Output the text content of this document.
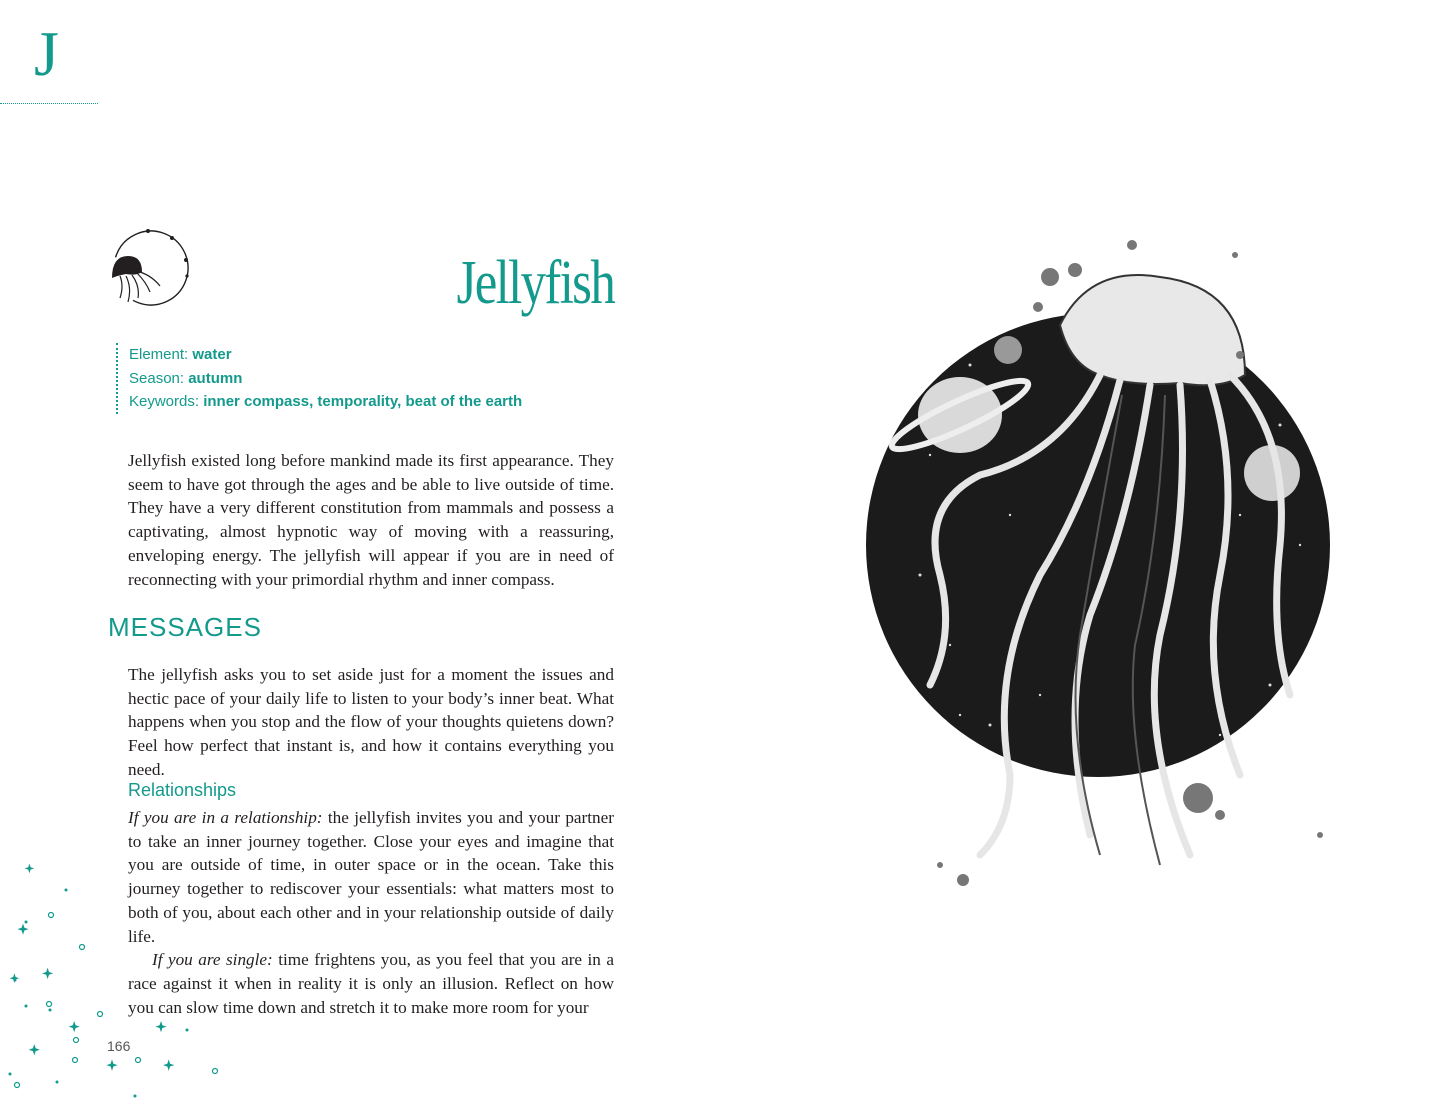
J
Jellyfish
Element: water
Season: autumn
Keywords: inner compass, temporality, beat of the earth

Jellyfish existed long before mankind made its first appearance. They seem to have got through the ages and be able to live outside of time. They have a very different constitution from mammals and possess a captivating, almost hypnotic way of moving with a reassuring, enveloping energy. The jellyfish will appear if you are in need of reconnecting with your primordial rhythm and inner compass.

MESSAGES

The jellyfish asks you to set aside just for a moment the issues and hectic pace of your daily life to listen to your body’s inner beat. What happens when you stop and the flow of your thoughts quietens down? Feel how perfect that instant is, and how it contains everything you need.

Relationships
If you are in a relationship: the jellyfish invites you and your partner to take an inner journey together. Close your eyes and imagine that you are outside of time, in outer space or in the ocean. Take this journey together to rediscover your essentials: what matters most to both of you, about each other and in your relationship outside of daily life.
If you are single: time frightens you, as you feel that you are in a race against it when in reality it is only an illusion. Reflect on how you can slow time down and stretch it to make more room for your
166
